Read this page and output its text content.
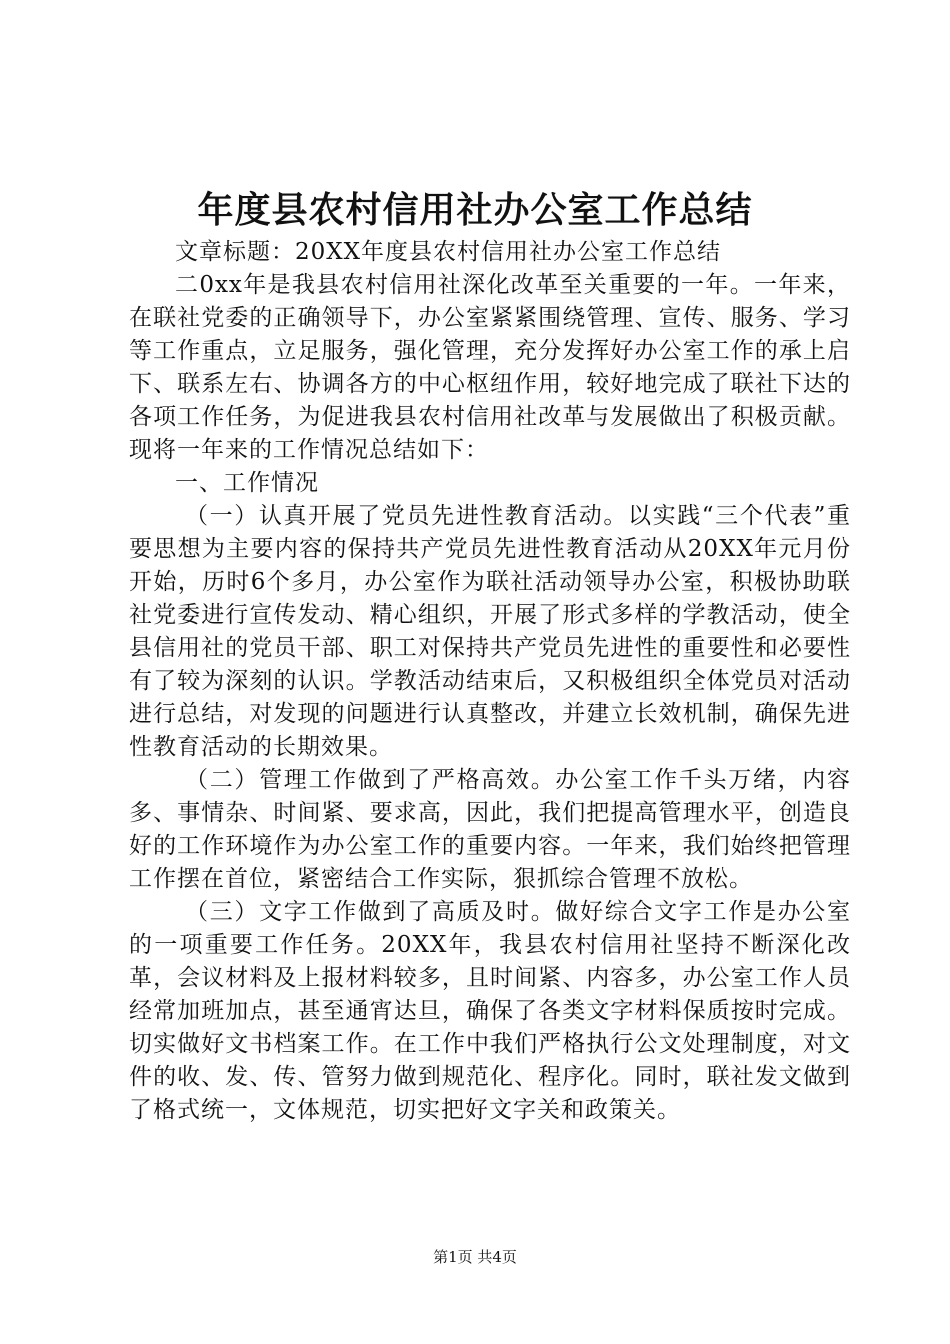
年度县农村信用社办公室工作总结

文章标题：20XX年度县农村信用社办公室工作总结

二0xx年是我县农村信用社深化改革至关重要的一年。一年来，在联社党委的正确领导下，办公室紧紧围绕管理、宣传、服务、学习等工作重点，立足服务，强化管理，充分发挥好办公室工作的承上启下、联系左右、协调各方的中心枢纽作用，较好地完成了联社下达的各项工作任务，为促进我县农村信用社改革与发展做出了积极贡献。现将一年来的工作情况总结如下：

一、工作情况

（一）认真开展了党员先进性教育活动。以实践“三个代表”重要思想为主要内容的保持共产党员先进性教育活动从20XX年元月份开始，历时6个多月，办公室作为联社活动领导办公室，积极协助联社党委进行宣传发动、精心组织，开展了形式多样的学教活动，使全县信用社的党员干部、职工对保持共产党员先进性的重要性和必要性有了较为深刻的认识。学教活动结束后，又积极组织全体党员对活动进行总结，对发现的问题进行认真整改，并建立长效机制，确保先进性教育活动的长期效果。

（二）管理工作做到了严格高效。办公室工作千头万绪，内容多、事情杂、时间紧、要求高，因此，我们把提高管理水平，创造良好的工作环境作为办公室工作的重要内容。一年来，我们始终把管理工作摆在首位，紧密结合工作实际，狠抓综合管理不放松。

（三）文字工作做到了高质及时。做好综合文字工作是办公室的一项重要工作任务。20XX年，我县农村信用社坚持不断深化改革，会议材料及上报材料较多，且时间紧、内容多，办公室工作人员经常加班加点，甚至通宵达旦，确保了各类文字材料保质按时完成。切实做好文书档案工作。在工作中我们严格执行公文处理制度，对文件的收、发、传、管努力做到规范化、程序化。同时，联社发文做到了格式统一，文体规范，切实把好文字关和政策关。

第1页 共4页
